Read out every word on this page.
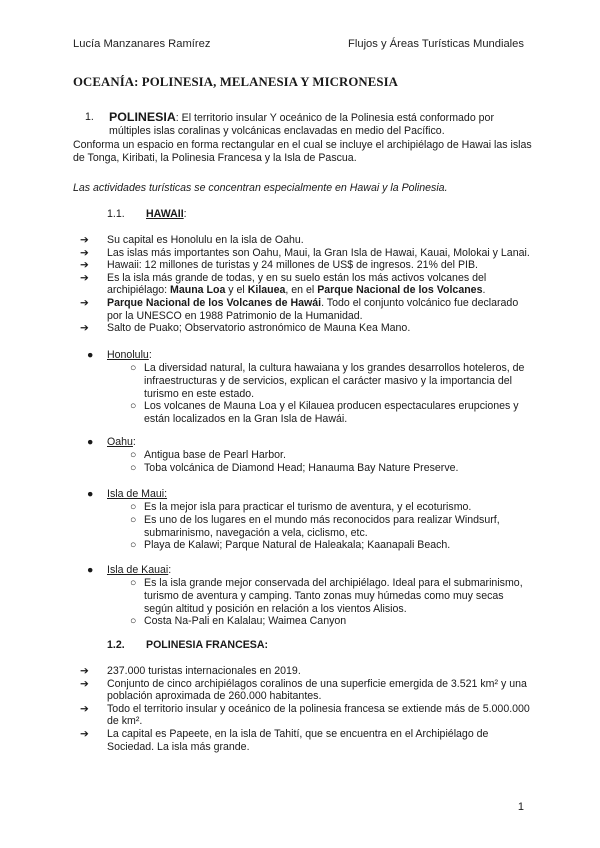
Lucía Manzanares Ramírez	Flujos y Áreas Turísticas Mundiales
OCEANÍA: POLINESIA, MELANESIA Y MICRONESIA
1. POLINESIA: El territorio insular Y oceánico de la Polinesia está conformado por múltiples islas coralinas y volcánicas enclavadas en medio del Pacífico.
Conforma un espacio en forma rectangular en el cual se incluye el archipiélago de Hawai las islas de Tonga, Kiribati, la Polinesia Francesa y la Isla de Pascua.
Las actividades turísticas se concentran especialmente en Hawai y la Polinesia.
1.1. HAWAII:
➔ Su capital es Honolulu en la isla de Oahu.
➔ Las islas más importantes son Oahu, Maui, la Gran Isla de Hawai, Kauai, Molokai y Lanai.
➔ Hawaii: 12 millones de turistas y 24 millones de US$ de ingresos. 21% del PIB.
➔ Es la isla más grande de todas, y en su suelo están los más activos volcanes del archipiélago: Mauna Loa y el Kilauea, en el Parque Nacional de los Volcanes.
➔ Parque Nacional de los Volcanes de Hawái. Todo el conjunto volcánico fue declarado por la UNESCO en 1988 Patrimonio de la Humanidad.
➔ Salto de Puako; Observatorio astronómico de Mauna Kea Mano.
● Honolulu:
○ La diversidad natural, la cultura hawaiana y los grandes desarrollos hoteleros, de infraestructuras y de servicios, explican el carácter masivo y la importancia del turismo en este estado.
○ Los volcanes de Mauna Loa y el Kilauea producen espectaculares erupciones y están localizados en la Gran Isla de Hawái.
● Oahu:
○ Antigua base de Pearl Harbor.
○ Toba volcánica de Diamond Head; Hanauma Bay Nature Preserve.
● Isla de Maui:
○ Es la mejor isla para practicar el turismo de aventura, y el ecoturismo.
○ Es uno de los lugares en el mundo más reconocidos para realizar Windsurf, submarinismo, navegación a vela, ciclismo, etc.
○ Playa de Kalawi; Parque Natural de Haleakala; Kaanapali Beach.
● Isla de Kauai:
○ Es la isla grande mejor conservada del archipiélago. Ideal para el submarinismo, turismo de aventura y camping. Tanto zonas muy húmedas como muy secas según altitud y posición en relación a los vientos Alisios.
○ Costa Na-Pali en Kalalau; Waimea Canyon
1.2. POLINESIA FRANCESA:
➔ 237.000 turistas internacionales en 2019.
➔ Conjunto de cinco archipiélagos coralinos de una superficie emergida de 3.521 km² y una población aproximada de 260.000 habitantes.
➔ Todo el territorio insular y oceánico de la polinesia francesa se extiende más de 5.000.000 de km².
➔ La capital es Papeete, en la isla de Tahití, que se encuentra en el Archipiélago de Sociedad. La isla más grande.
1
